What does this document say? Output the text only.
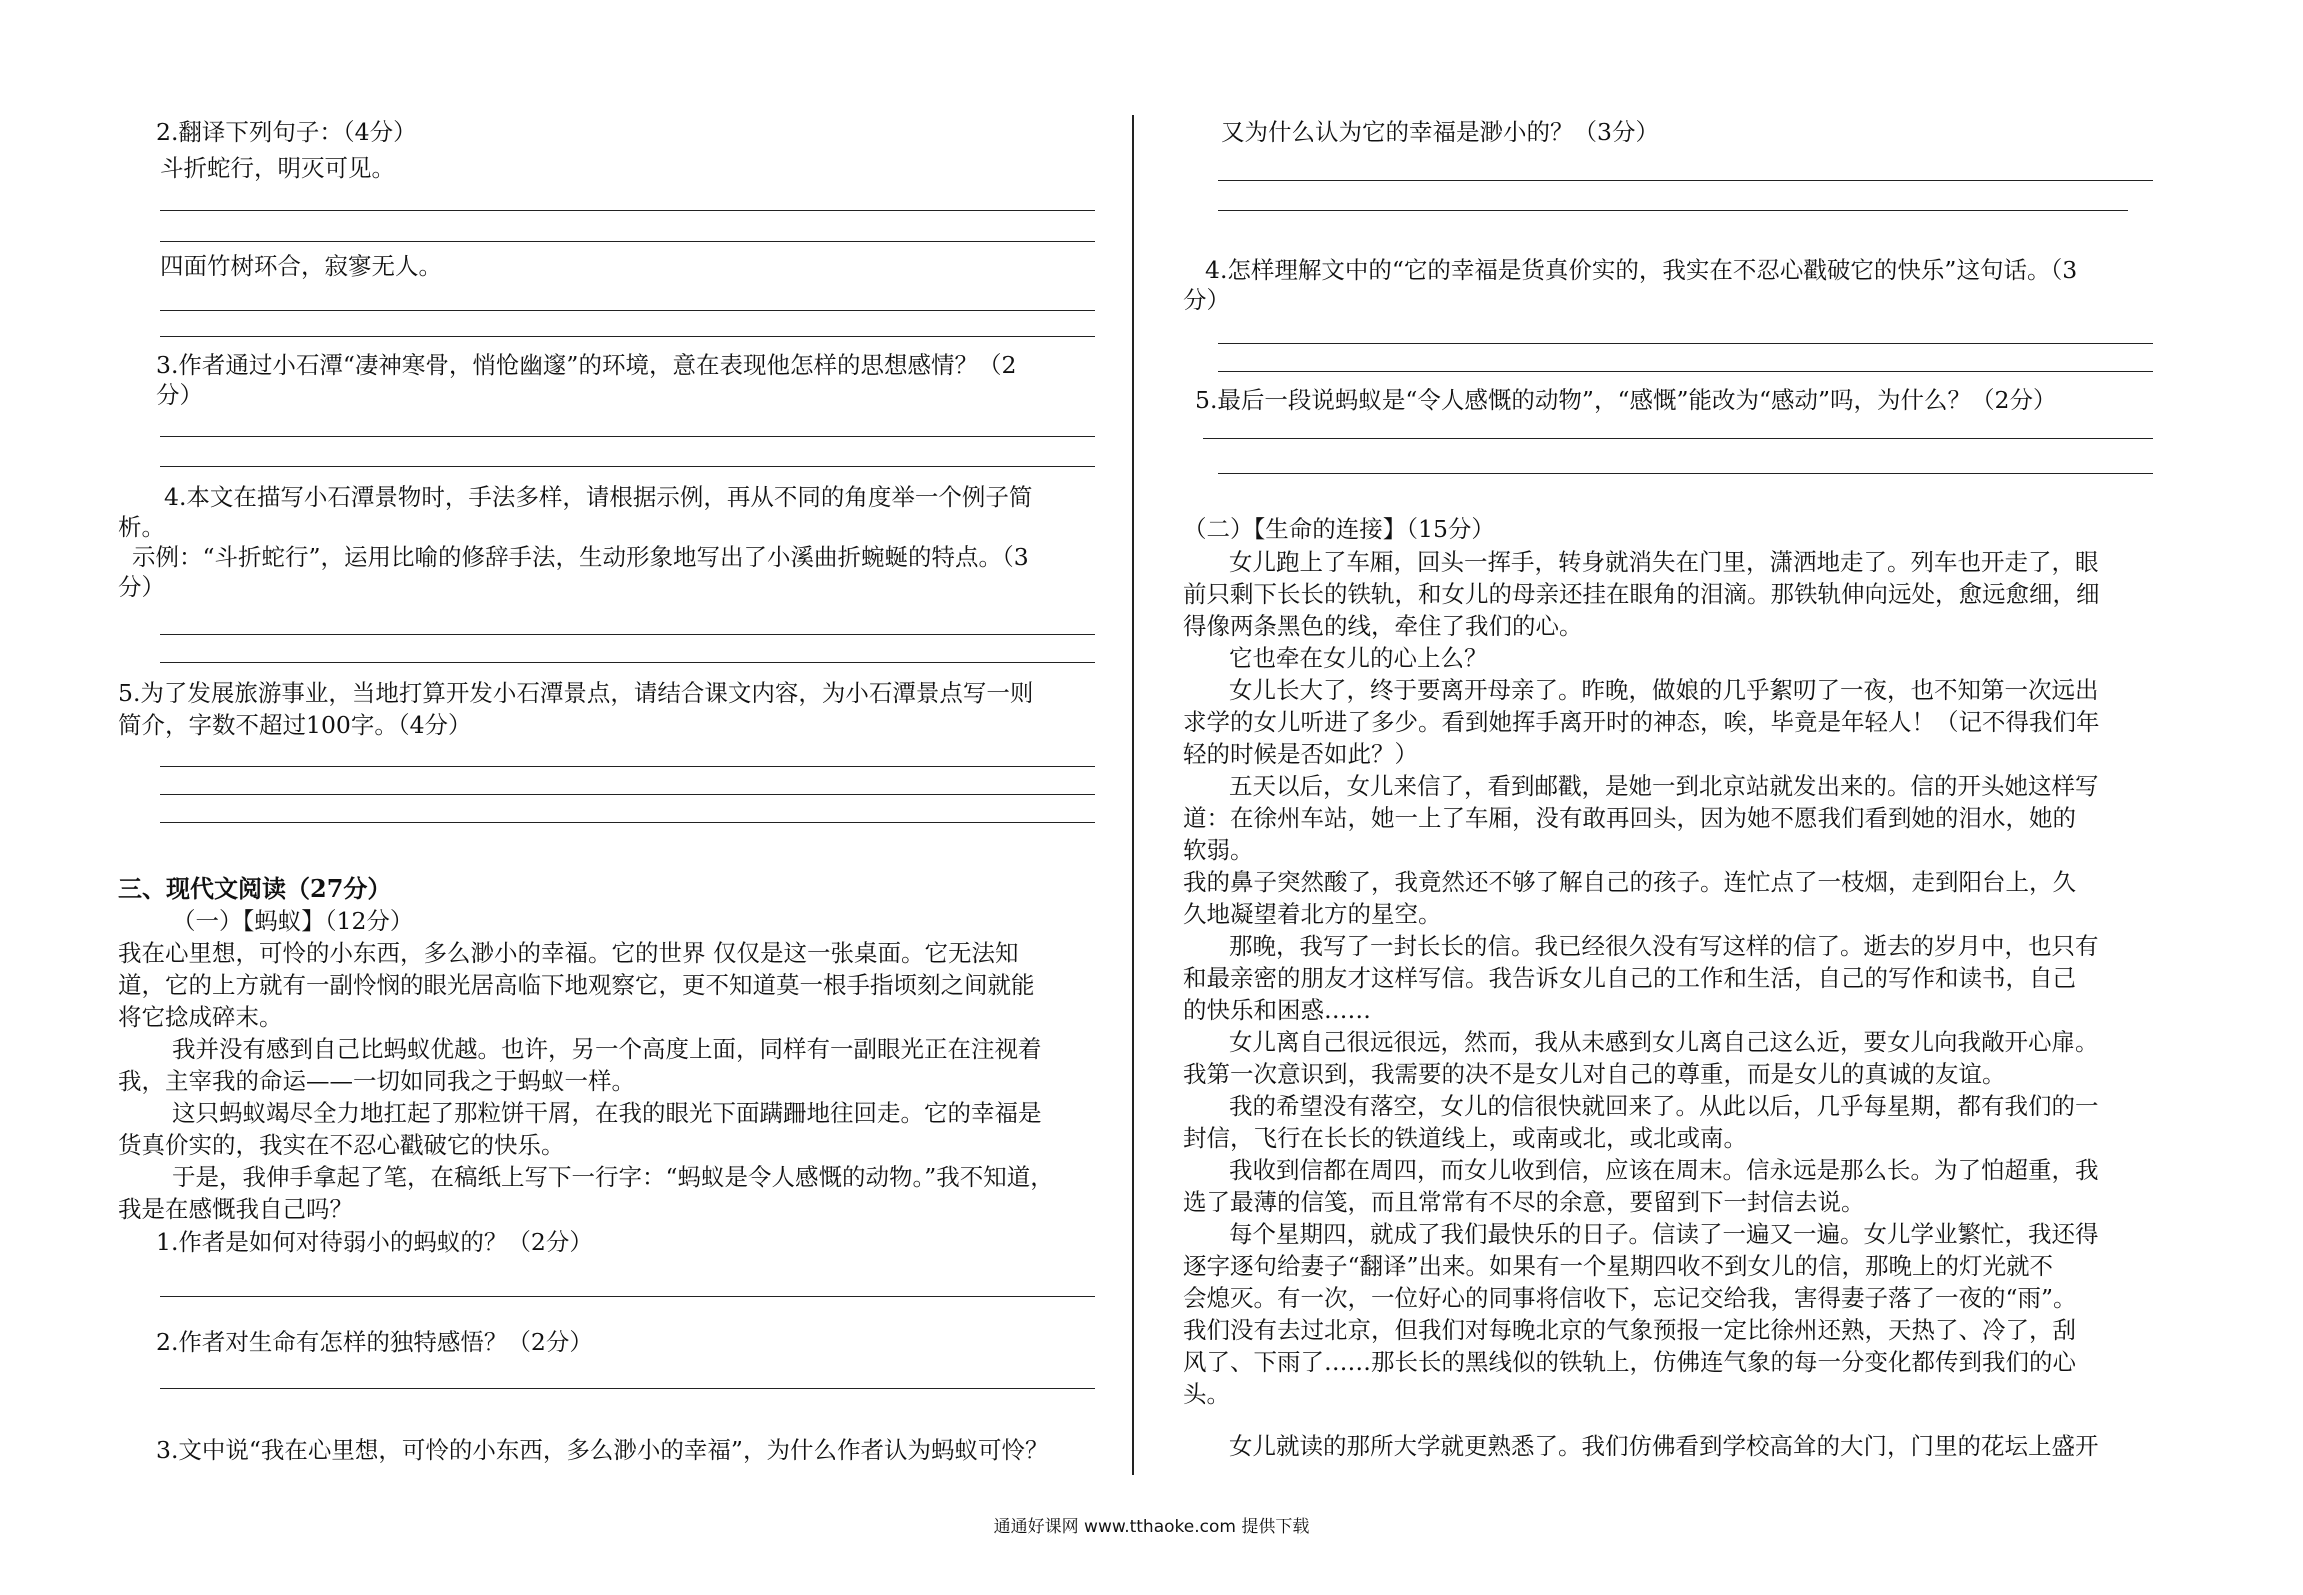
2.翻译下列句子：（4分）
斗折蛇行，明灭可见。
四面竹树环合，寂寥无人。
3.作者通过小石潭“凄神寒骨，悄怆幽邃”的环境，意在表现他怎样的思想感情？（2
分）
4.本文在描写小石潭景物时，手法多样，请根据示例，再从不同的角度举一个例子简
析。
示例：“斗折蛇行”，运用比喻的修辞手法，生动形象地写出了小溪曲折蜿蜒的特点。（3
分）
5.为了发展旅游事业，当地打算开发小石潭景点，请结合课文内容，为小石潭景点写一则
简介，字数不超过100字。（4分）
三、现代文阅读（27分）
（一）【蚂蚁】（12分）
我在心里想，可怜的小东西，多么渺小的幸福。它的世界 仅仅是这一张桌面。它无法知
道，它的上方就有一副怜悯的眼光居高临下地观察它，更不知道莫一根手指顷刻之间就能
将它捻成碎末。
我并没有感到自己比蚂蚁优越。也许，另一个高度上面，同样有一副眼光正在注视着
我，主宰我的命运——一切如同我之于蚂蚁一样。
这只蚂蚁竭尽全力地扛起了那粒饼干屑，在我的眼光下面蹒跚地往回走。它的幸福是
货真价实的，我实在不忍心戳破它的快乐。
于是，我伸手拿起了笔，在稿纸上写下一行字：“蚂蚁是令人感慨的动物。”我不知道，
我是在感慨我自己吗？
1.作者是如何对待弱小的蚂蚁的？（2分）
2.作者对生命有怎样的独特感悟？（2分）
3.文中说“我在心里想，可怜的小东西，多么渺小的幸福”，为什么作者认为蚂蚁可怜？
又为什么认为它的幸福是渺小的？（3分）
4.怎样理解文中的“它的幸福是货真价实的，我实在不忍心戳破它的快乐”这句话。（3
分）
5.最后一段说蚂蚁是“令人感慨的动物”，“感慨”能改为“感动”吗，为什么？（2分）
（二）【生命的连接】（15分）
女儿跑上了车厢，回头一挥手，转身就消失在门里，潇洒地走了。列车也开走了，眼
前只剩下长长的铁轨，和女儿的母亲还挂在眼角的泪滴。那铁轨伸向远处，愈远愈细，细
得像两条黑色的线，牵住了我们的心。
它也牵在女儿的心上么？
女儿长大了，终于要离开母亲了。昨晚，做娘的几乎絮叨了一夜，也不知第一次远出
求学的女儿听进了多少。看到她挥手离开时的神态，唉，毕竟是年轻人！（记不得我们年
轻的时候是否如此？）
五天以后，女儿来信了，看到邮戳，是她一到北京站就发出来的。信的开头她这样写
道：在徐州车站，她一上了车厢，没有敢再回头，因为她不愿我们看到她的泪水，她的
软弱。
我的鼻子突然酸了，我竟然还不够了解自己的孩子。连忙点了一枝烟，走到阳台上，久
久地凝望着北方的星空。
那晚，我写了一封长长的信。我已经很久没有写这样的信了。逝去的岁月中，也只有
和最亲密的朋友才这样写信。我告诉女儿自己的工作和生活，自己的写作和读书，自己
的快乐和困惑……
女儿离自己很远很远，然而，我从未感到女儿离自己这么近，要女儿向我敞开心扉。
我第一次意识到，我需要的决不是女儿对自己的尊重，而是女儿的真诚的友谊。
我的希望没有落空，女儿的信很快就回来了。从此以后，几乎每星期，都有我们的一
封信，飞行在长长的铁道线上，或南或北，或北或南。
我收到信都在周四，而女儿收到信，应该在周末。信永远是那么长。为了怕超重，我
选了最薄的信笺，而且常常有不尽的余意，要留到下一封信去说。
每个星期四，就成了我们最快乐的日子。信读了一遍又一遍。女儿学业繁忙，我还得
逐字逐句给妻子“翻译”出来。如果有一个星期四收不到女儿的信，那晚上的灯光就不
会熄灭。有一次，一位好心的同事将信收下，忘记交给我，害得妻子落了一夜的“雨”。
我们没有去过北京，但我们对每晚北京的气象预报一定比徐州还熟，天热了、冷了，刮
风了、下雨了……那长长的黑线似的铁轨上，仿佛连气象的每一分变化都传到我们的心
头。
女儿就读的那所大学就更熟悉了。我们仿佛看到学校高耸的大门，门里的花坛上盛开
通通好课网 www.tthaoke.com 提供下载
